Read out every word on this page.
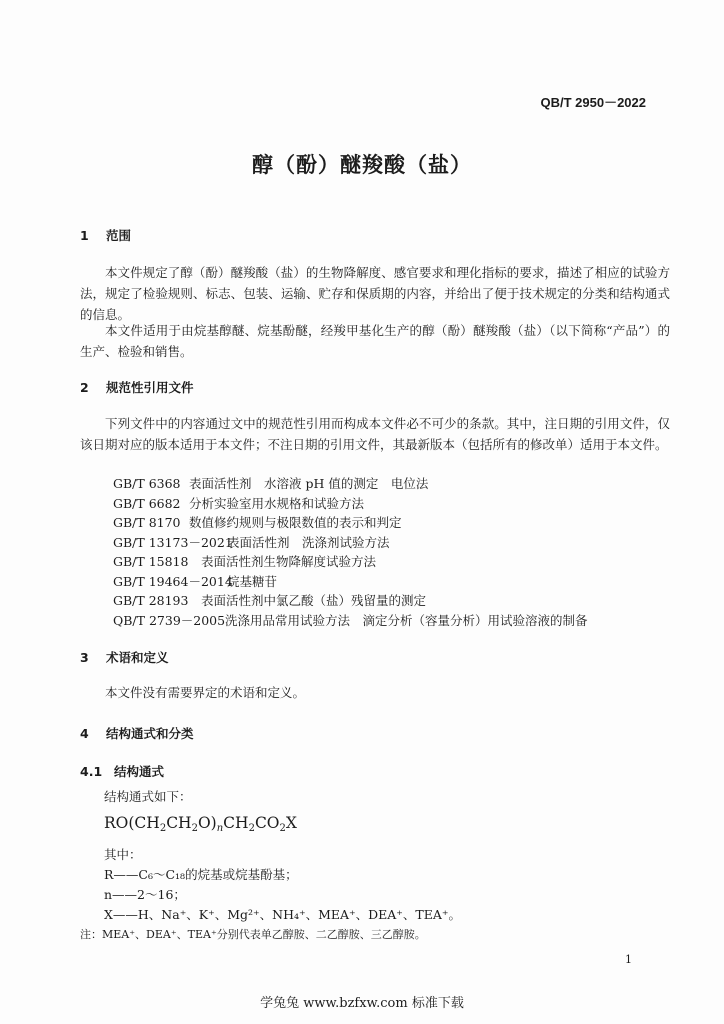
QB/T 2950－2022
醇（酚）醚羧酸（盐）
1 范围
本文件规定了醇（酚）醚羧酸（盐）的生物降解度、感官要求和理化指标的要求，描述了相应的试验方法，规定了检验规则、标志、包装、运输、贮存和保质期的内容，并给出了便于技术规定的分类和结构通式的信息。
本文件适用于由烷基醇醚、烷基酚醚，经羧甲基化生产的醇（酚）醚羧酸（盐）（以下简称“产品”）的生产、检验和销售。
2 规范性引用文件
下列文件中的内容通过文中的规范性引用而构成本文件必不可少的条款。其中，注日期的引用文件，仅该日期对应的版本适用于本文件；不注日期的引用文件，其最新版本（包括所有的修改单）适用于本文件。
GB/T 6368 表面活性剂　水溶液 pH 值的测定　电位法
GB/T 6682 分析实验室用水规格和试验方法
GB/T 8170 数值修约规则与极限数值的表示和判定
GB/T 13173－2021表面活性剂　洗涤剂试验方法
GB/T 15818 表面活性剂生物降解度试验方法
GB/T 19464－2014烷基糖苷
GB/T 28193 表面活性剂中氯乙酸（盐）残留量的测定
QB/T 2739－2005洗涤用品常用试验方法　滴定分析（容量分析）用试验溶液的制备
3 术语和定义
本文件没有需要界定的术语和定义。
4 结构通式和分类
4.1 结构通式
结构通式如下：
$RO(CH_2CH_2O)_nCH_2CO_2X$
其中：
R——C₆～C₁₈的烷基或烷基酚基；
n——2～16；
X——H、Na⁺、K⁺、Mg²⁺、NH₄⁺、MEA⁺、DEA⁺、TEA⁺。
注：MEA⁺、DEA⁺、TEA⁺分别代表单乙醇胺、二乙醇胺、三乙醇胺。
1
学兔兔 www.bzfxw.com 标准下载
